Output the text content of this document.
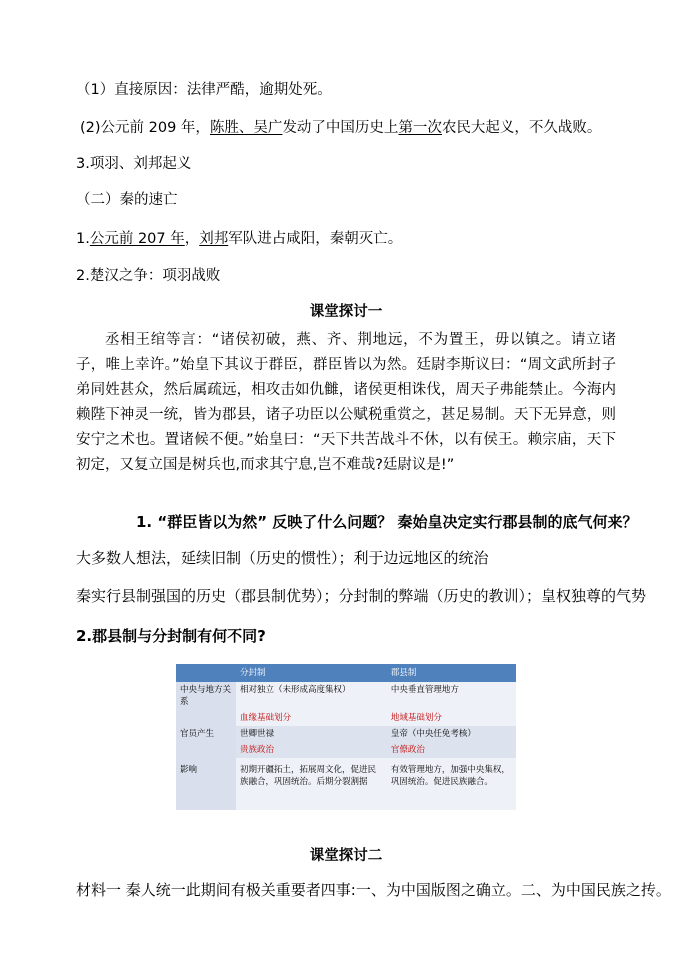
（1）直接原因：法律严酷，逾期处死。
(2)公元前 209 年，陈胜、吴广发动了中国历史上第一次农民大起义，不久战败。
3.项羽、刘邦起义
（二）秦的速亡
1.公元前 207 年，刘邦军队进占咸阳，秦朝灭亡。
2.楚汉之争：项羽战败
课堂探讨一
丞相王绾等言：“诸侯初破，燕、齐、荆地远，不为置王，毋以镇之。请立诸子，唯上幸许。”始皇下其议于群臣，群臣皆以为然。廷尉李斯议曰：“周文武所封子弟同姓甚众，然后属疏远，相攻击如仇雠，诸侯更相诛伐，周天子弗能禁止。今海内赖陛下神灵一统，皆为郡县，诸子功臣以公赋税重赏之，甚足易制。天下无异意，则安宁之术也。置诸候不便。”始皇曰：“天下共苦战斗不休，以有侯王。赖宗庙，天下初定，又复立国是树兵也,而求其宁息,岂不难哉?廷尉议是!”
1. “群臣皆以为然” 反映了什么问题？ 秦始皇决定实行郡县制的底气何来？
大多数人想法，延续旧制（历史的惯性）；利于边远地区的统治
秦实行县制强国的历史（郡县制优势）；分封制的弊端（历史的教训）；皇权独尊的气势
2.郡县制与分封制有何不同?
	分封制	郡县制
中央与地方关系	相对独立（未形成高度集权）	中央垂直管理地方
	血缘基础划分	地域基础划分
官员产生	世卿世禄	皇帝（中央任免考核）
	贵族政治	官僚政治
影响	初期开疆拓土，拓展周文化，促进民族融合，巩固统治。后期分裂割据	有效管理地方，加强中央集权，巩固统治。促进民族融合。
课堂探讨二
材料一 秦人统一此期间有极关重要者四事:一、为中国版图之确立。二、为中国民族之抟。
